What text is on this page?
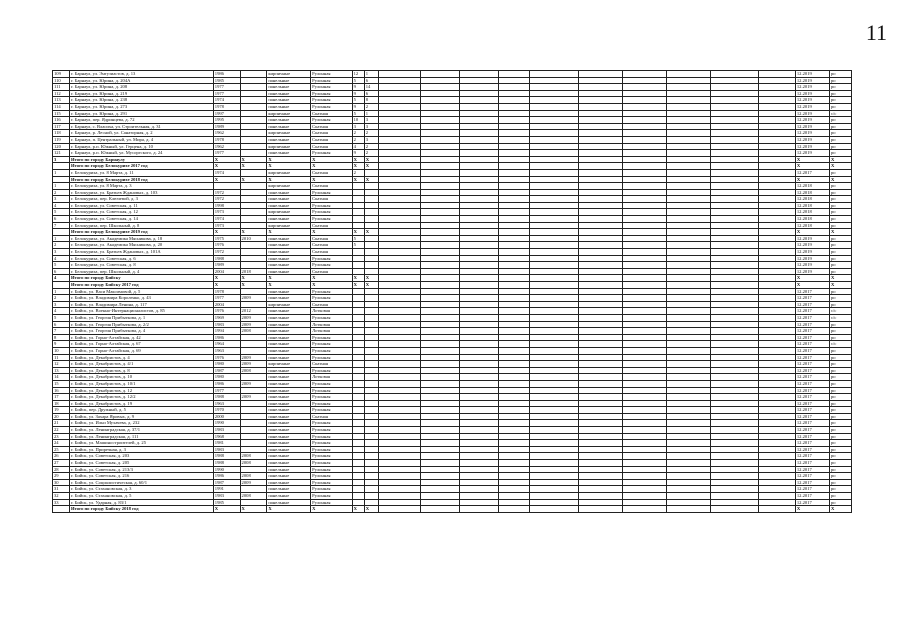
11
109	г. Барнаул, ул. Энтузиастов, д. 13	1986		кирпичные	Рулонная	12	1											12.2019	рo
110	г. Барнаул, ул. Юрина, д. 204А	1985		панельные	Рулонная	5	6											12.2019	рo
111	г. Барнаул, ул. Юрина, д. 208	1977		панельные	Рулонная	9	14											12.2019	рo
112	г. Барнаул, ул. Юрина, д. 219	1977		панельные	Рулонная	9	6											12.2019	рo
113	г. Барнаул, ул. Юрина, д. 238	1974		панельные	Рулонная	5	8											12.2019	рo
114	г. Барнаул, ул. Юрина, д. 273	1978		панельные	Рулонная	9	2											12.2019	рo
115	г. Барнаул, ул. Юрина, д. 291	1997		кирпичные	Скатная	5	1											12.2019	с/с
116	г. Барнаул, пер. Ядринцева, д. 72	1995		панельные	Рулонная	10	3											12.2019	рo
117	г. Барнаул, с. Власиха, ул. Строительная, д. 31	1989		панельные	Скатная	3	3											12.2019	рo
118	г. Барнаул, р. Лесной, ул. Санаторная, д. 2	1962		кирпичные	Скатная	2	2											12.2019	рo
119	г. Барнаул, п. Центральный, ул. Мира, д. 4	1978		панельные	Скатная	2	3											12.2019	рo
120	г. Барнаул, р.п. Южный, ул. Герцена, д. 10	1962		кирпичные	Скатная	4	2											12.2019	рo
121	г. Барнаул, р.п. Южный, ул. Мусоргского, д. 24	1977		панельные	Рулонная	9	2											12.2019	рo
3	Итого по городу Барнаулу	X	X	X	X	X	X											X	X
	Итого по городу Белокурихе 2017 год	X	X	X	X	X	X											X	X
1	г. Белокуриха, ул. 8 Марта, д. 11	1974		кирпичные	Скатная	2												12.2017	рo
	Итого по городу Белокурихе 2018 год	X	X	X	X	X	X											X	X
1	г. Белокуриха, ул. 8 Марта, д. 3			кирпичные	Скатная													12.2018	рo
2	г. Белокуриха, ул. Братьев Ждановых, д. 103	1972		панельные	Рулонная													12.2018	рo
3	г. Белокуриха, пер. Ключевой, д. 3	1972		панельные	Скатная													12.2018	рo
4	г. Белокуриха, ул. Советская, д. 11	1998		панельные	Рулонная													12.2018	рo
5	г. Белокуриха, ул. Советская, д. 12	1973		кирпичные	Рулонная													12.2018	рo
6	г. Белокуриха, ул. Советская, д. 14	1974		панельные	Рулонная													12.2018	рo
7	г. Белокуриха, пер. Школьный, д. 8	1973		кирпичные	Скатная													12.2018	рo
	Итого по городу Белокурихе 2019 год	X	X	X	X	X	X											X	X
1	г. Белокуриха, ул. Академика Мясникова, д. 18	1975	2010	панельные	Скатная	5												12.2019	рo
2	г. Белокуриха, ул. Академика Мясникова, д. 20	1976		панельные	Скатная	5												12.2019	рo
3	г. Белокуриха, ул. Братьев Ждановых, д. 101А	1972		панельные	Скатная													12.2019	рo
4	г. Белокуриха, ул. Советская, д. 6	1988		панельные	Рулонная													12.2019	рo
5	г. Белокуриха, ул. Советская, д. 8	1989		панельные	Рулонная													12.2019	рo
6	г. Белокуриха, пер. Школьный, д. 4	2004	2018	панельные	Скатная													12.2019	рo
4	Итого по городу Бийску	X	X	X	X	X	X											X	X
	Итого по городу Бийску 2017 год	X	X	X	X	X	X											X	X
1	г. Бийск, ул. Васи Максимовой, д. 5	1978		панельные	Рулонная													12.2017	рo
2	г. Бийск, ул. Владимира Короленко, д. 43	1977	2009	панельные	Рулонная													12.2017	рo
3	г. Бийск, ул. Владимира Ленина, д. 117	2004		кирпичные	Скатная													12.2017	рo
4	г. Бийск, ул. Военно-Интернационалистов, д. 85	1976	2012	панельные	Лотковая													12.2017	с/с
5	г. Бийск, ул. Георгия Прибыткова, д. 1	1969	2009	панельные	Рулонная													12.2017	с/с
6	г. Бийск, ул. Георгия Прибыткова, д. 2/2	1983	2009	панельные	Лотковая													12.2017	рo
7	г. Бийск, ул. Георгия Прибыткова, д. 4	1994	2008	панельные	Лотковая													12.2017	рo
8	г. Бийск, ул. Горно-Алтайская, д. 42	1986		панельные	Рулонная													12.2017	рo
9	г. Бийск, ул. Горно-Алтайская, д. 67	1964		панельные	Рулонная													12.2017	с/с
10	г. Бийск, ул. Горно-Алтайская, д. 69	1963		панельные	Рулонная													12.2017	рo
11	г. Бийск, ул. Декабристов, д. 4	1976	2009	панельные	Рулонная													12.2017	рo
12	г. Бийск, ул. Декабристов, д. 4/1	1980	2009	кирпичные	Скатная													12.2017	рo
13	г. Бийск, ул. Декабристов, д. 8	1987	2008	панельные	Рулонная													12.2017	рo
14	г. Бийск, ул. Декабристов, д. 10	1980		панельные	Лотковая													12.2017	рo
15	г. Бийск, ул. Декабристов, д. 10/1	1986	2009	панельные	Рулонная													12.2017	рo
16	г. Бийск, ул. Декабристов, д. 12	1977		панельные	Рулонная													12.2017	рo
17	г. Бийск, ул. Декабристов, д. 12/2	1988	2009	панельные	Рулонная													12.2017	рo
18	г. Бийск, ул. Декабристов, д. 19	1963		панельные	Рулонная													12.2017	рo
19	г. Бийск, пер. Дружный, д. 5	1970		панельные	Рулонная													12.2017	рo
20	г. Бийск, ул. Захара Яровых, д. 9	2000		панельные	Скатная													12.2017	рo
21	г. Бийск, ул. Ильи Мухачева, д. 232	1990		панельные	Рулонная													12.2017	рo
22	г. Бийск, ул. Ленинградская, д. 37/1	1983		панельные	Рулонная													12.2017	рo
23	г. Бийск, ул. Ленинградская, д. 111	1968		панельные	Рулонная													12.2017	рo
24	г. Бийск, ул. Машиностроителей, д. 25	1981		панельные	Рулонная													12.2017	рo
25	г. Бийск, ул. Приречная, д. 3	1983		панельные	Рулонная													12.2017	рo
26	г. Бийск, ул. Советская, д. 203	1988	2008	панельные	Рулонная													12.2017	рo
27	г. Бийск, ул. Советская, д. 205	1988	2008	панельные	Рулонная													12.2017	рo
28	г. Бийск, ул. Советская, д. 213/3	1990		панельные	Рулонная													12.2017	рo
29	г. Бийск, ул. Советская, д. 216	1986	2008	панельные	Рулонная													12.2017	рo
30	г. Бийск, ул. Социалистическая, д. 60/1	1987	2009	панельные	Рулонная													12.2017	рo
31	г. Бийск, ул. Стахановская, д. 3	1991		панельные	Рулонная													12.2017	рo
32	г. Бийск, ул. Стахановская, д. 5	1983	2008	панельные	Рулонная													12.2017	рo
33	г. Бийск, ул. Ударная, д. 83/1	1985		панельные	Рулонная													12.2017	рo
	Итого по городу Бийску 2018 год	X	X	X	X	X	X											X	X
